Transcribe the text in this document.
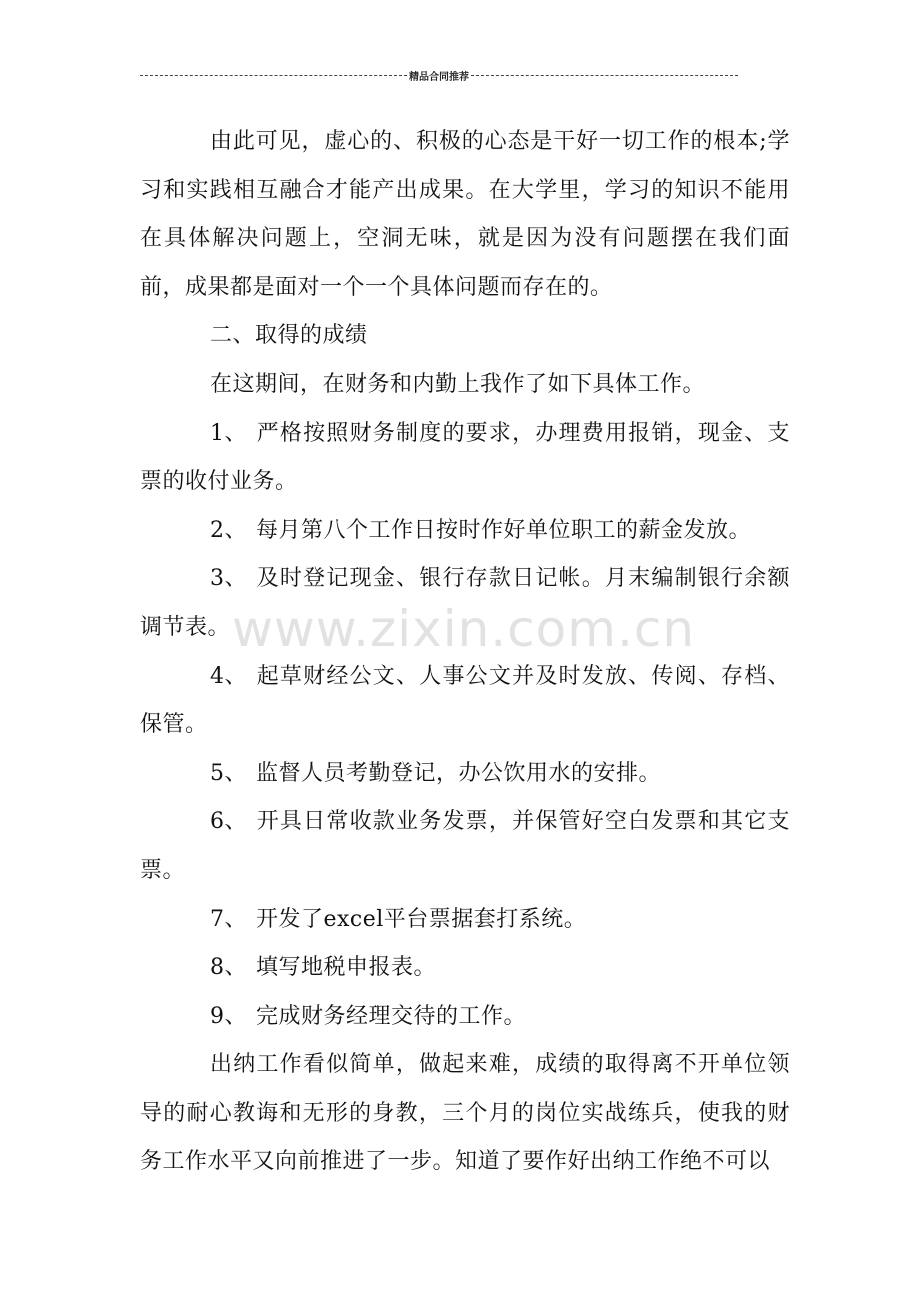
精品合同推荐

由此可见，虚心的、积极的心态是干好一切工作的根本;学习和实践相互融合才能产出成果。在大学里，学习的知识不能用在具体解决问题上，空洞无味，就是因为没有问题摆在我们面前，成果都是面对一个一个具体问题而存在的。

二、取得的成绩

在这期间，在财务和内勤上我作了如下具体工作。

1、 严格按照财务制度的要求，办理费用报销，现金、支票的收付业务。

2、 每月第八个工作日按时作好单位职工的薪金发放。

3、 及时登记现金、银行存款日记帐。月末编制银行余额调节表。

4、 起草财经公文、人事公文并及时发放、传阅、存档、保管。

5、 监督人员考勤登记，办公饮用水的安排。

6、 开具日常收款业务发票，并保管好空白发票和其它支票。

7、 开发了excel平台票据套打系统。

8、 填写地税申报表。

9、 完成财务经理交待的工作。

出纳工作看似简单，做起来难，成绩的取得离不开单位领导的耐心教诲和无形的身教，三个月的岗位实战练兵，使我的财务工作水平又向前推进了一步。知道了要作好出纳工作绝不可以

www.zixin.com.cn
